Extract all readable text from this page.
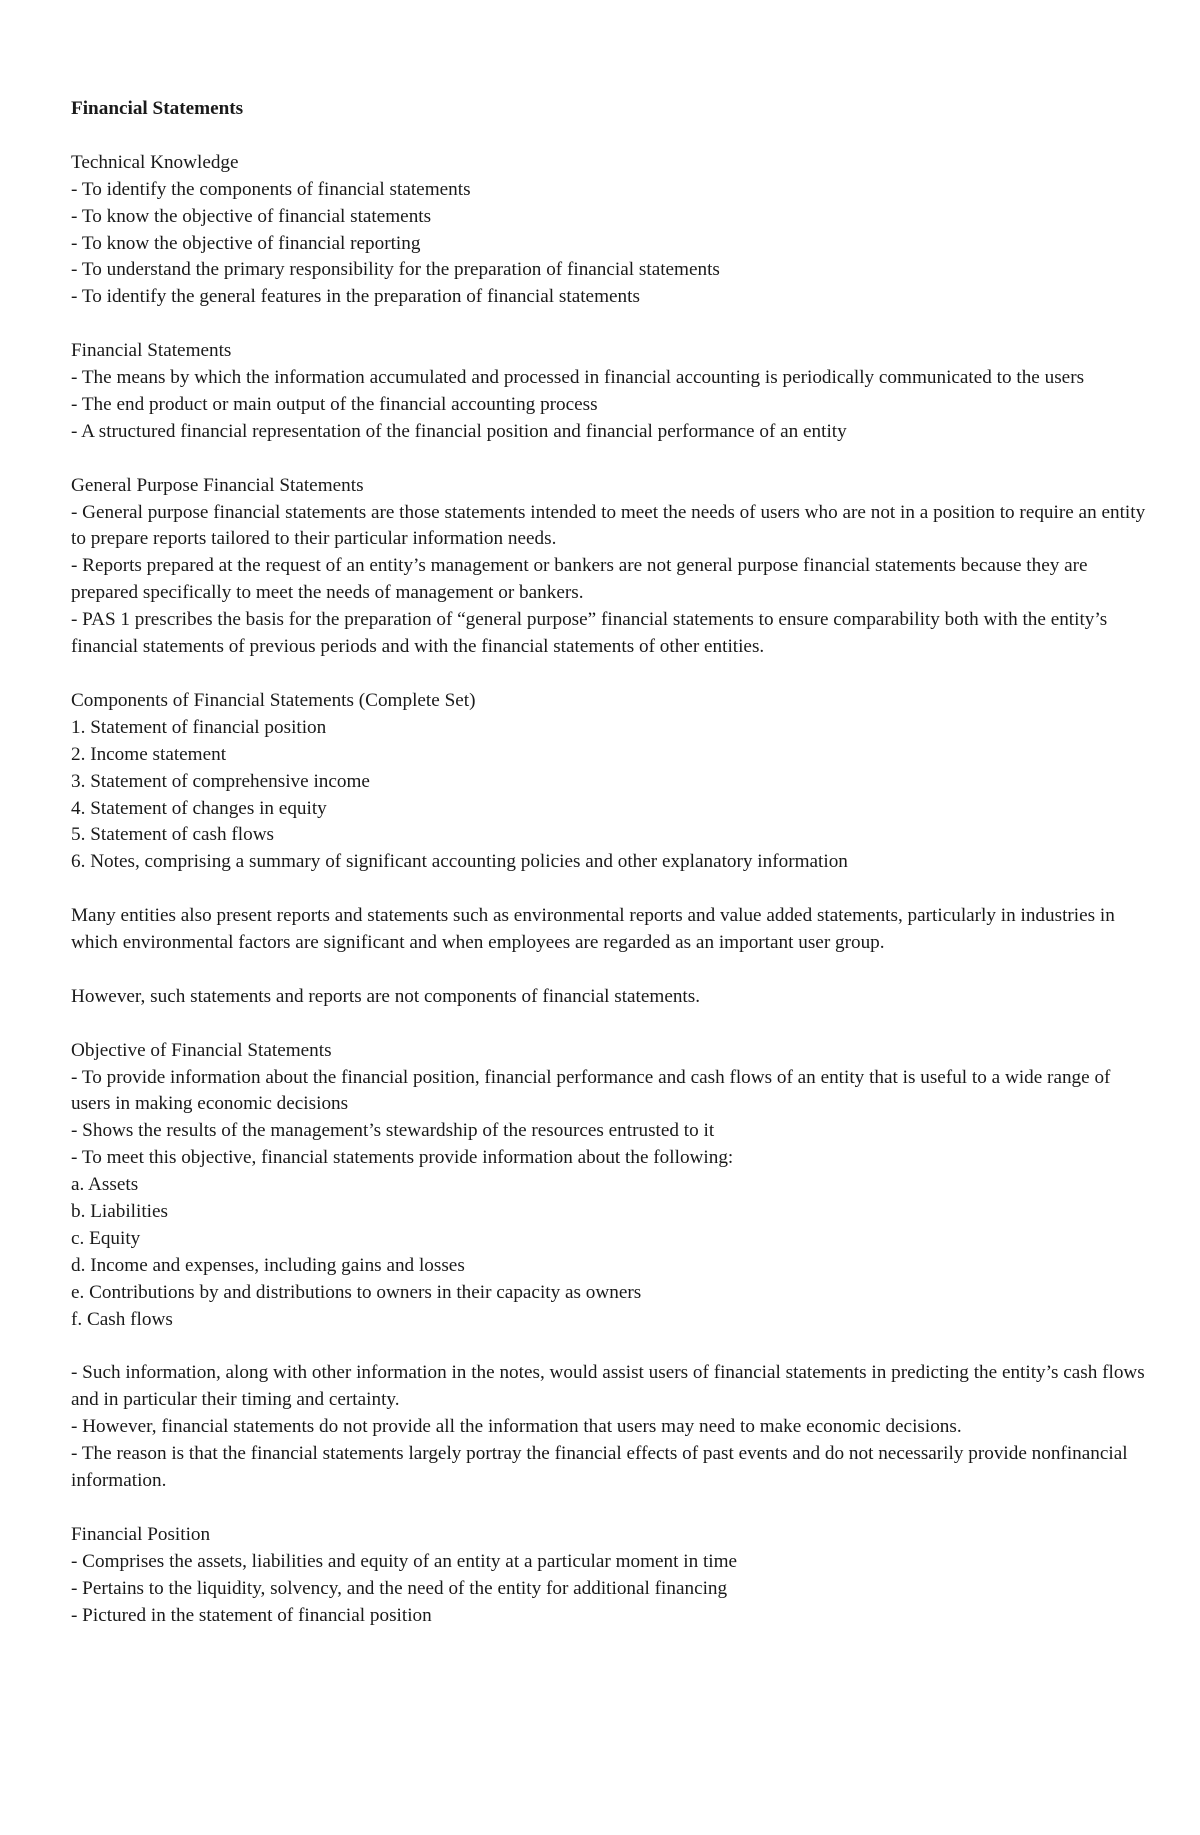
Financial Statements

Technical Knowledge

- To identify the components of financial statements

- To know the objective of financial statements

- To know the objective of financial reporting

- To understand the primary responsibility for the preparation of financial statements

- To identify the general features in the preparation of financial statements

Financial Statements

- The means by which the information accumulated and processed in financial accounting is periodically communicated to the users

- The end product or main output of the financial accounting process

- A structured financial representation of the financial position and financial performance of an entity

General Purpose Financial Statements

- General purpose financial statements are those statements intended to meet the needs of users who are not in a position to require an entity to prepare reports tailored to their particular information needs.

- Reports prepared at the request of an entity’s management or bankers are not general purpose financial statements because they are prepared specifically to meet the needs of management or bankers.

- PAS 1 prescribes the basis for the preparation of “general purpose” financial statements to ensure comparability both with the entity’s financial statements of previous periods and with the financial statements of other entities.

Components of Financial Statements (Complete Set)

1. Statement of financial position

2. Income statement

3. Statement of comprehensive income

4. Statement of changes in equity

5. Statement of cash flows

6. Notes, comprising a summary of significant accounting policies and other explanatory information

Many entities also present reports and statements such as environmental reports and value added statements, particularly in industries in which environmental factors are significant and when employees are regarded as an important user group.

However, such statements and reports are not components of financial statements.

Objective of Financial Statements

- To provide information about the financial position, financial performance and cash flows of an entity that is useful to a wide range of users in making economic decisions

- Shows the results of the management’s stewardship of the resources entrusted to it

- To meet this objective, financial statements provide information about the following:

a. Assets

b. Liabilities

c. Equity

d. Income and expenses, including gains and losses

e. Contributions by and distributions to owners in their capacity as owners

f. Cash flows

- Such information, along with other information in the notes, would assist users of financial statements in predicting the entity’s cash flows and in particular their timing and certainty.

- However, financial statements do not provide all the information that users may need to make economic decisions.

- The reason is that the financial statements largely portray the financial effects of past events and do not necessarily provide nonfinancial information.

Financial Position

- Comprises the assets, liabilities and equity of an entity at a particular moment in time

- Pertains to the liquidity, solvency, and the need of the entity for additional financing

- Pictured in the statement of financial position
